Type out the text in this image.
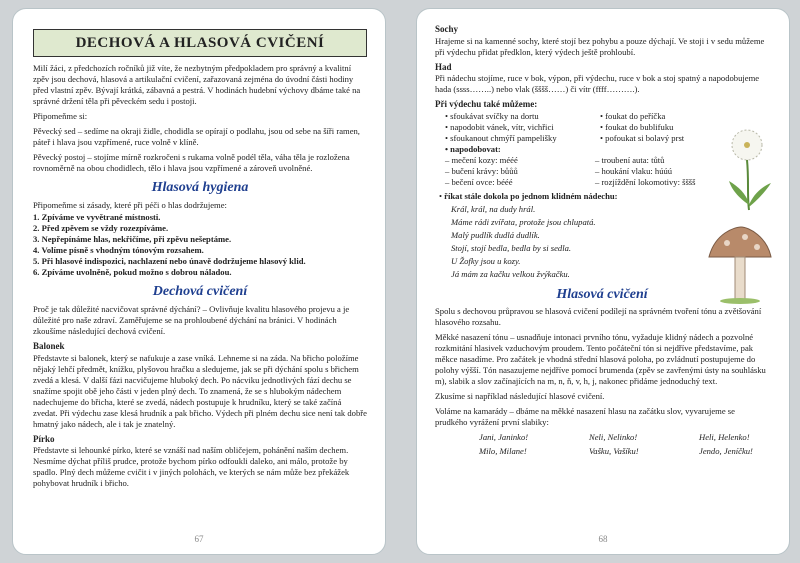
DECHOVÁ A HLASOVÁ CVIČENÍ

Milí žáci, z předchozích ročníků již víte, že nezbytným předpokladem pro správný a kvalitní zpěv jsou dechová, hlasová a artikulační cvičení, zařazovaná zejména do úvodní části hodiny před vlastní zpěv. Bývají krátká, zábavná a pestrá. V hodinách hudební výchovy dbáme také na správné držení těla při pěveckém sedu i postoji.

Připomeňme si:

Pěvecký sed – sedíme na okraji židle, chodidla se opírají o podlahu, jsou od sebe na šíři ramen, páteř i hlava jsou vzpřímené, ruce volně v klíně.

Pěvecký postoj – stojíme mírně rozkročeni s rukama volně podél těla, váha těla je rozložena rovnoměrně na obou chodidlech, tělo i hlava jsou vzpřímené a zároveň uvolněné.

Hlasová hygiena

Připomeňme si zásady, které při péči o hlas dodržujeme:

1. Zpíváme ve vyvětrané místnosti.
2. Před zpěvem se vždy rozezpíváme.
3. Nepřepínáme hlas, nekřičíme, při zpěvu nešeptáme.
4. Volíme písně s vhodným tónovým rozsahem.
5. Při hlasové indispozici, nachlazení nebo únavě dodržujeme hlasový klid.
6. Zpíváme uvolněně, pokud možno s dobrou náladou.
Dechová cvičení

Proč je tak důležité nacvičovat správné dýchání? – Ovlivňuje kvalitu hlasového projevu a je důležité pro naše zdraví. Zaměřujeme se na prohloubené dýchání na bránici. V hodinách zkoušíme následující dechová cvičení.

Balonek

Představte si balonek, který se nafukuje a zase vníká. Lehneme si na záda. Na břicho položíme nějaký lehčí předmět, knížku, plyšovou hračku a sledujeme, jak se při dýchání spolu s břichem zvedá a klesá. V další fázi nacvičujeme hluboký dech. Po nácviku jednotlivých fází dechu se snažíme spojit obě jeho části v jeden plný dech. To znamená, že se s hlubokým nádechem nadechujeme do břicha, které se zvedá, nádech postupuje k hrudníku, který se také začíná zvedat. Při výdechu zase klesá hrudník a pak břicho. Výdech při plném dechu sice není tak dobře hmatný jako nádech, ale i tak je znatelný.

Pírko

Představte si lehounké pírko, které se vznáší nad naším obličejem, pohánění naším dechem. Nesmíme dýchat příliš prudce, protože bychom pírko odfoukli daleko, ani málo, protože by spadlo. Plný dech můžeme cvičit i v jiných polohách, ve kterých se nám může bez překážek pohybovat hrudník i břicho.

67
Sochy

Hrajeme si na kamenné sochy, které stojí bez pohybu a pouze dýchají. Ve stoji i v sedu můžeme při výdechu přidat předklon, který výdech ještě prohloubí.

Had

Při nádechu stojíme, ruce v bok, výpon, při výdechu, ruce v bok a stoj spatný a napodobujeme hada (ssss……..) nebo vlak (šššš……) či vítr (ffff……….).

Při výdechu také můžeme:
• sfoukávat svíčky na dortu
• napodobit vánek, vítr, vichřici
• sfoukanout chmýří pampelišky
• napodobovat:
• foukat do peříčka
• foukat do bublifuku
• pofoukat si bolavý prst
– mečení kozy: mééé	– troubení auta: tůtů
– bučení krávy: bůůů	– houkání vlaku: húúú
– bečení ovce: bééé	– rozjíždění lokomotivy: šššš

• říkat stále dokola po jednom klidném nádechu:

Král, král, na dudy hrál.
Máme rádi zvířata, protože jsou chlupatá.
Malý pudlík dudlá dudlík.
Stojí, stojí bedla, bedla by si sedla.
U Žofky jsou u kozy.
Já mám za kačku velkou žvýkačku.
Hlasová cvičení

Spolu s dechovou průpravou se hlasová cvičení podílejí na správném tvoření tónu a zvětšování hlasového rozsahu.

Měkké nasazení tónu – usnadňuje intonaci prvního tónu, vyžaduje klidný nádech a pozvolné rozkmitání hlasivek vzduchovým proudem. Tento počáteční tón si nejdříve představíme, pak měkce nasadíme. Pro začátek je vhodná střední hlasová poloha, po zvládnutí postupujeme do polohy výšší. Tón nasazujeme nejdříve pomocí brumenda (zpěv se zavřenými ústy na souhlásku m), slabik a slov začínajících na m, n, ň, v, h, j, nakonec přidáme jednoduchý text.

Zkusíme si například následující hlasové cvičení.

Voláme na kamarády – dbáme na měkké nasazení hlasu na začátku slov, vyvarujeme se prudkého vyrážení první slabiky:

Jani, Janinko!	Neli, Nelinko!	Heli, Helenko!
Milo, Milane!	Vašku, Vašíku!	Jendo, Jeníčku!
68
